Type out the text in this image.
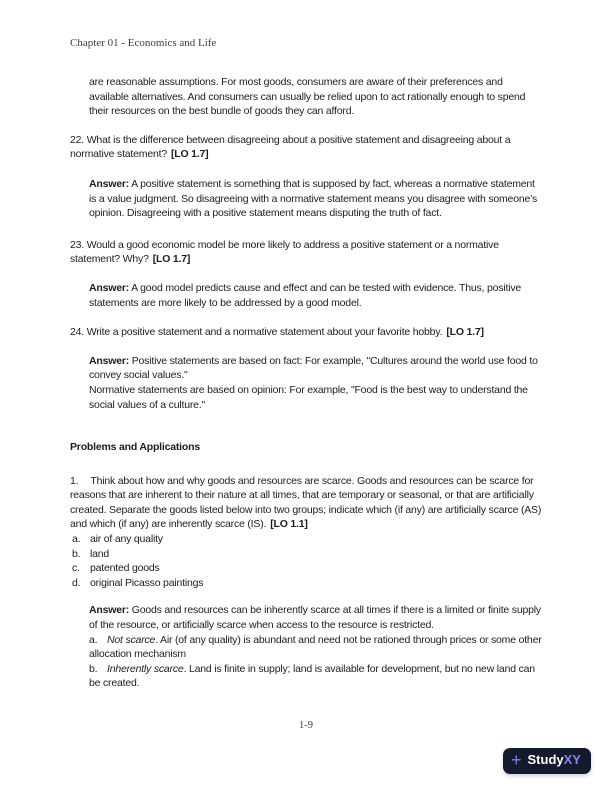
Chapter 01 - Economics and Life

are reasonable assumptions. For most goods, consumers are aware of their preferences and available alternatives. And consumers can usually be relied upon to act rationally enough to spend their resources on the best bundle of goods they can afford.

22. What is the difference between disagreeing about a positive statement and disagreeing about a normative statement? [LO 1.7]

Answer: A positive statement is something that is supposed by fact, whereas a normative statement is a value judgment. So disagreeing with a normative statement means you disagree with someone’s opinion. Disagreeing with a positive statement means disputing the truth of fact.

23. Would a good economic model be more likely to address a positive statement or a normative statement? Why? [LO 1.7]

Answer: A good model predicts cause and effect and can be tested with evidence. Thus, positive statements are more likely to be addressed by a good model.

24. Write a positive statement and a normative statement about your favorite hobby. [LO 1.7]

Answer: Positive statements are based on fact: For example, "Cultures around the world use food to convey social values."

Normative statements are based on opinion: For example, "Food is the best way to understand the social values of a culture."

Problems and Applications

1. Think about how and why goods and resources are scarce. Goods and resources can be scarce for reasons that are inherent to their nature at all times, that are temporary or seasonal, or that are artificially created. Separate the goods listed below into two groups; indicate which (if any) are artificially scarce (AS) and which (if any) are inherently scarce (IS). [LO 1.1]

a. air of any quality
b. land
c. patented goods
d. original Picasso paintings

Answer: Goods and resources can be inherently scarce at all times if there is a limited or finite supply of the resource, or artificially scarce when access to the resource is restricted.

a. Not scarce. Air (of any quality) is abundant and need not be rationed through prices or some other allocation mechanism

b. Inherently scarce. Land is finite in supply; land is available for development, but no new land can be created.

1-9
+ StudyXY
